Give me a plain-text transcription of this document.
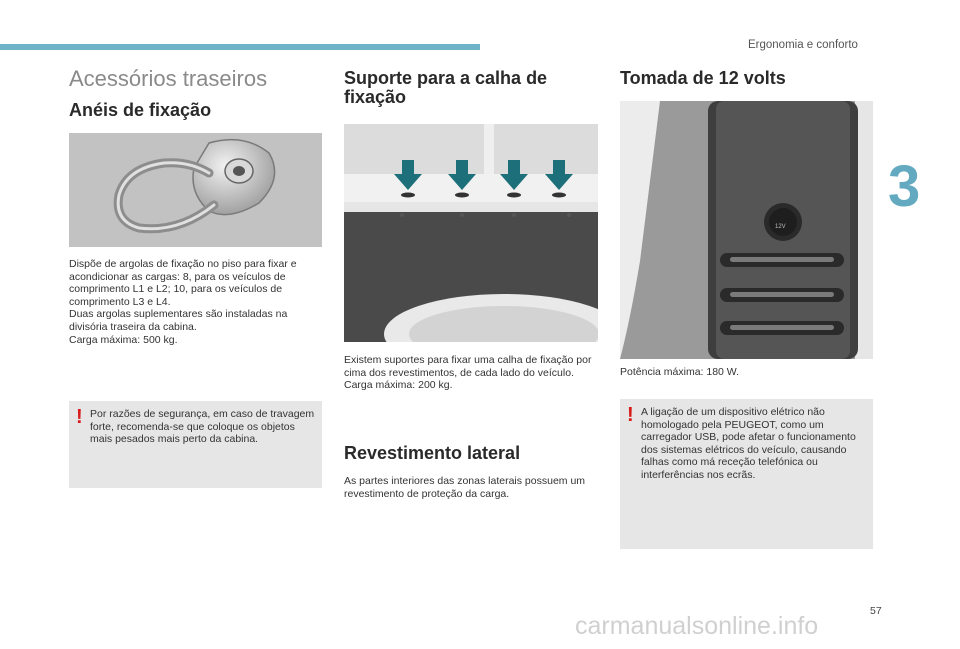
Ergonomia e conforto
3
Acessórios traseiros
Anéis de fixação

Dispõe de argolas de fixação no piso para fixar e acondicionar as cargas: 8, para os veículos de comprimento L1 e L2; 10, para os veículos de comprimento L3 e L4.
Duas argolas suplementares são instaladas na divisória traseira da cabina.
Carga máxima: 500 kg.

! Por razões de segurança, em caso de travagem forte, recomenda-se que coloque os objetos mais pesados mais perto da cabina.

Suporte para a calha de fixação

Existem suportes para fixar uma calha de fixação por cima dos revestimentos, de cada lado do veículo.
Carga máxima: 200 kg.

Revestimento lateral

As partes interiores das zonas laterais possuem um revestimento de proteção da carga.

Tomada de 12 volts
12V

Potência máxima: 180 W.

! A ligação de um dispositivo elétrico não homologado pela PEUGEOT, como um carregador USB, pode afetar o funcionamento dos sistemas elétricos do veículo, causando falhas como má receção telefónica ou interferências nos ecrãs.

57
carmanualsonline.info
